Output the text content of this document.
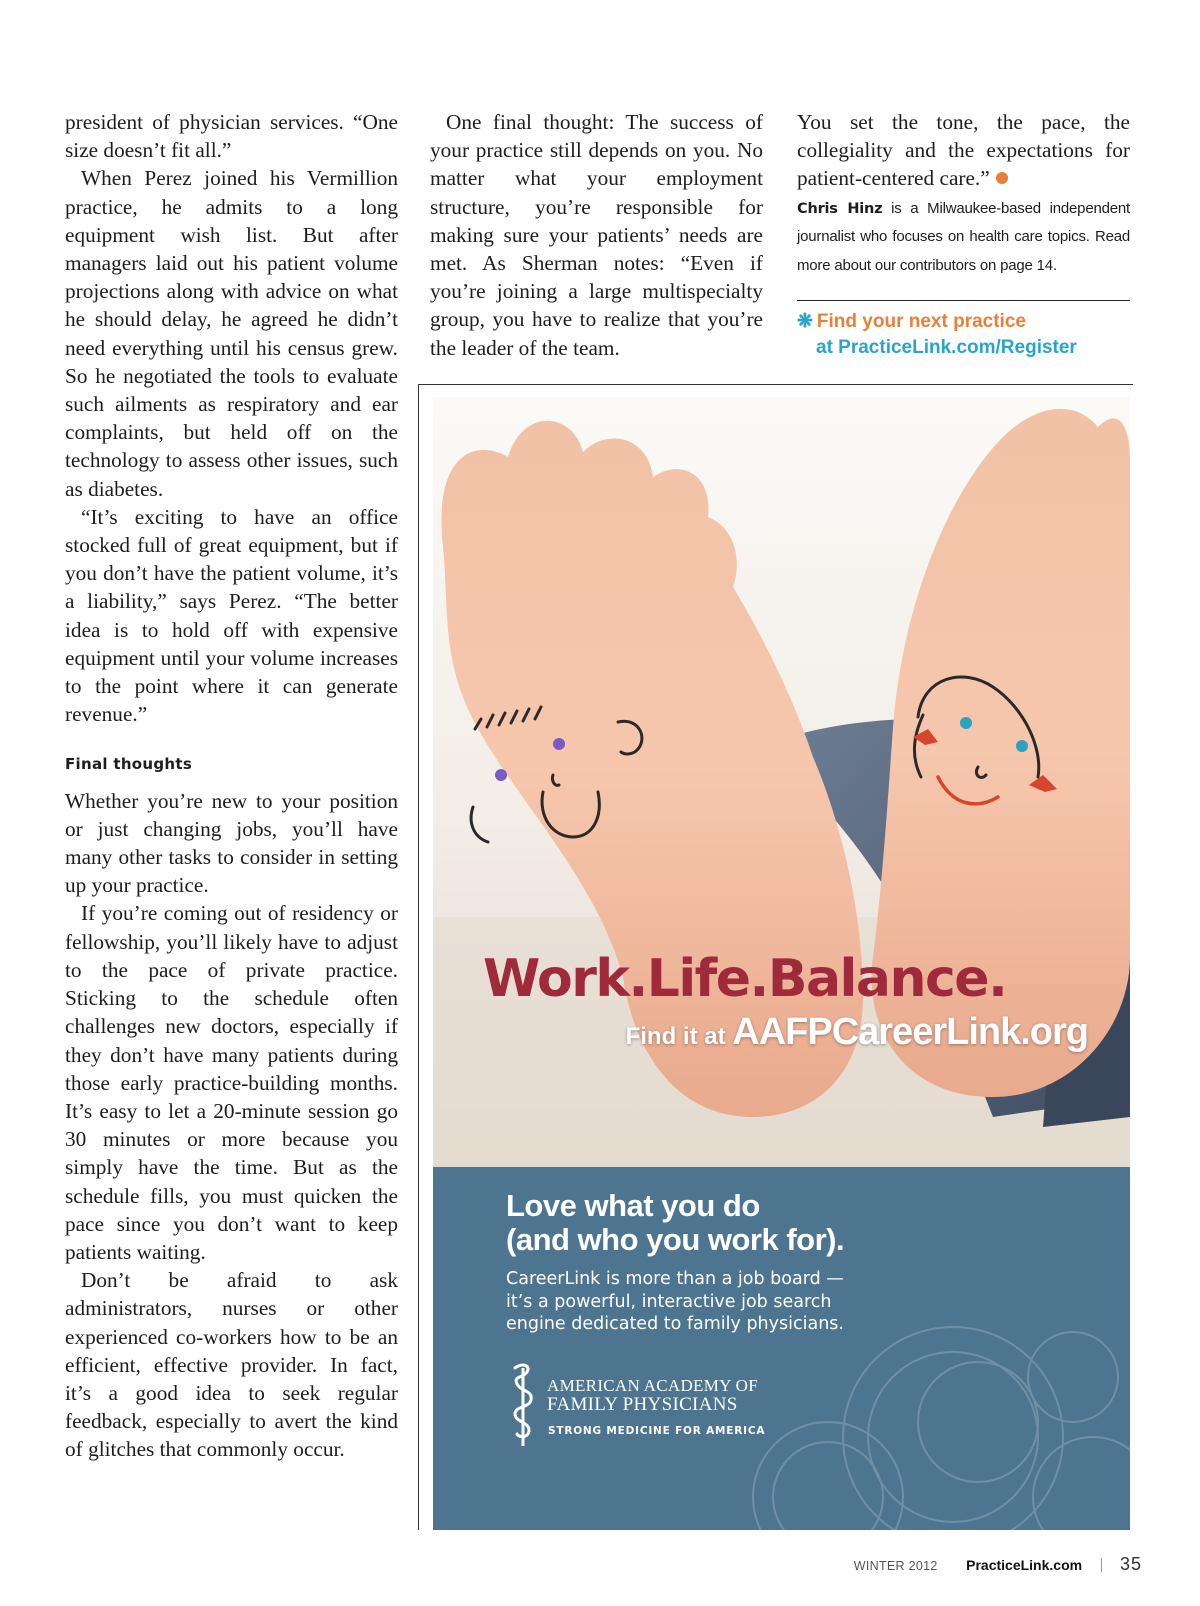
president of physician services. “One size doesn’t fit all.”

When Perez joined his Vermillion practice, he admits to a long equipment wish list. But after managers laid out his patient volume projections along with advice on what he should delay, he agreed he didn’t need everything until his census grew. So he negotiated the tools to evaluate such ailments as respiratory and ear complaints, but held off on the technology to assess other issues, such as diabetes.

“It’s exciting to have an office stocked full of great equipment, but if you don’t have the patient volume, it’s a liability,” says Perez. “The better idea is to hold off with expensive equipment until your volume increases to the point where it can generate revenue.”

Final thoughts

Whether you’re new to your position or just changing jobs, you’ll have many other tasks to consider in setting up your practice.

If you’re coming out of residency or fellowship, you’ll likely have to adjust to the pace of private practice. Sticking to the schedule often challenges new doctors, especially if they don’t have many patients during those early practice-building months. It’s easy to let a 20-minute session go 30 minutes or more because you simply have the time. But as the schedule fills, you must quicken the pace since you don’t want to keep patients waiting.

Don’t be afraid to ask administrators, nurses or other experienced co-workers how to be an efficient, effective provider. In fact, it’s a good idea to seek regular feedback, especially to avert the kind of glitches that commonly occur.

One final thought: The success of your practice still depends on you. No matter what your employment structure, you’re responsible for making sure your patients’ needs are met. As Sherman notes: “Even if you’re joining a large multispecialty group, you have to realize that you’re the leader of the team.

You set the tone, the pace, the collegiality and the expectations for patient-centered care.”

Chris Hinz is a Milwaukee-based independent journalist who focuses on health care topics. Read more about our contributors on page 14.
❋ Find your next practice
at PracticeLink.com/Register
Work.Life.Balance.
Find it at AAFPCareerLink.org
Love what you do
(and who you work for).
CareerLink is more than a job board —
it’s a powerful, interactive job search
engine dedicated to family physicians.
AMERICAN ACADEMY OF
FAMILY PHYSICIANS
STRONG MEDICINE FOR AMERICA
WINTER 2012 PracticeLink.com 35
